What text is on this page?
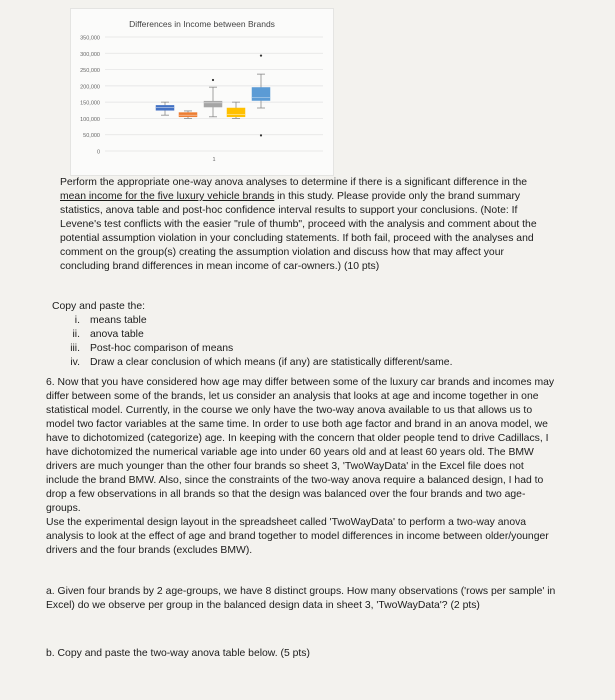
Differences in Income between Brands
350,000
300,000
250,000
200,000
150,000
100,000
50,000
0
1
Perform the appropriate one-way anova analyses to determine if there is a significant difference in the mean income for the five luxury vehicle brands in this study. Please provide only the brand summary statistics, anova table and post-hoc confidence interval results to support your conclusions. (Note: If Levene's test conflicts with the easier "rule of thumb", proceed with the analysis and comment about the potential assumption violation in your concluding statements. If both fail, proceed with the analyses and comment on the group(s) creating the assumption violation and discuss how that may affect your concluding brand differences in mean income of car-owners.) (10 pts)
Copy and paste the:
i. means table
ii. anova table
iii. Post-hoc comparison of means
iv. Draw a clear conclusion of which means (if any) are statistically different/same.
6. Now that you have considered how age may differ between some of the luxury car brands and incomes may differ between some of the brands, let us consider an analysis that looks at age and income together in one statistical model. Currently, in the course we only have the two-way anova available to us that allows us to model two factor variables at the same time. In order to use both age factor and brand in an anova model, we have to dichotomized (categorize) age. In keeping with the concern that older people tend to drive Cadillacs, I have dichotomized the numerical variable age into under 60 years old and at least 60 years old. The BMW drivers are much younger than the other four brands so sheet 3, 'TwoWayData' in the Excel file does not include the brand BMW. Also, since the constraints of the two-way anova require a balanced design, I had to drop a few observations in all brands so that the design was balanced over the four brands and two age-groups.
Use the experimental design layout in the spreadsheet called 'TwoWayData' to perform a two-way anova analysis to look at the effect of age and brand together to model differences in income between older/younger drivers and the four brands (excludes BMW).
a. Given four brands by 2 age-groups, we have 8 distinct groups. How many observations ('rows per sample' in Excel) do we observe per group in the balanced design data in sheet 3, 'TwoWayData'? (2 pts)
b. Copy and paste the two-way anova table below. (5 pts)
